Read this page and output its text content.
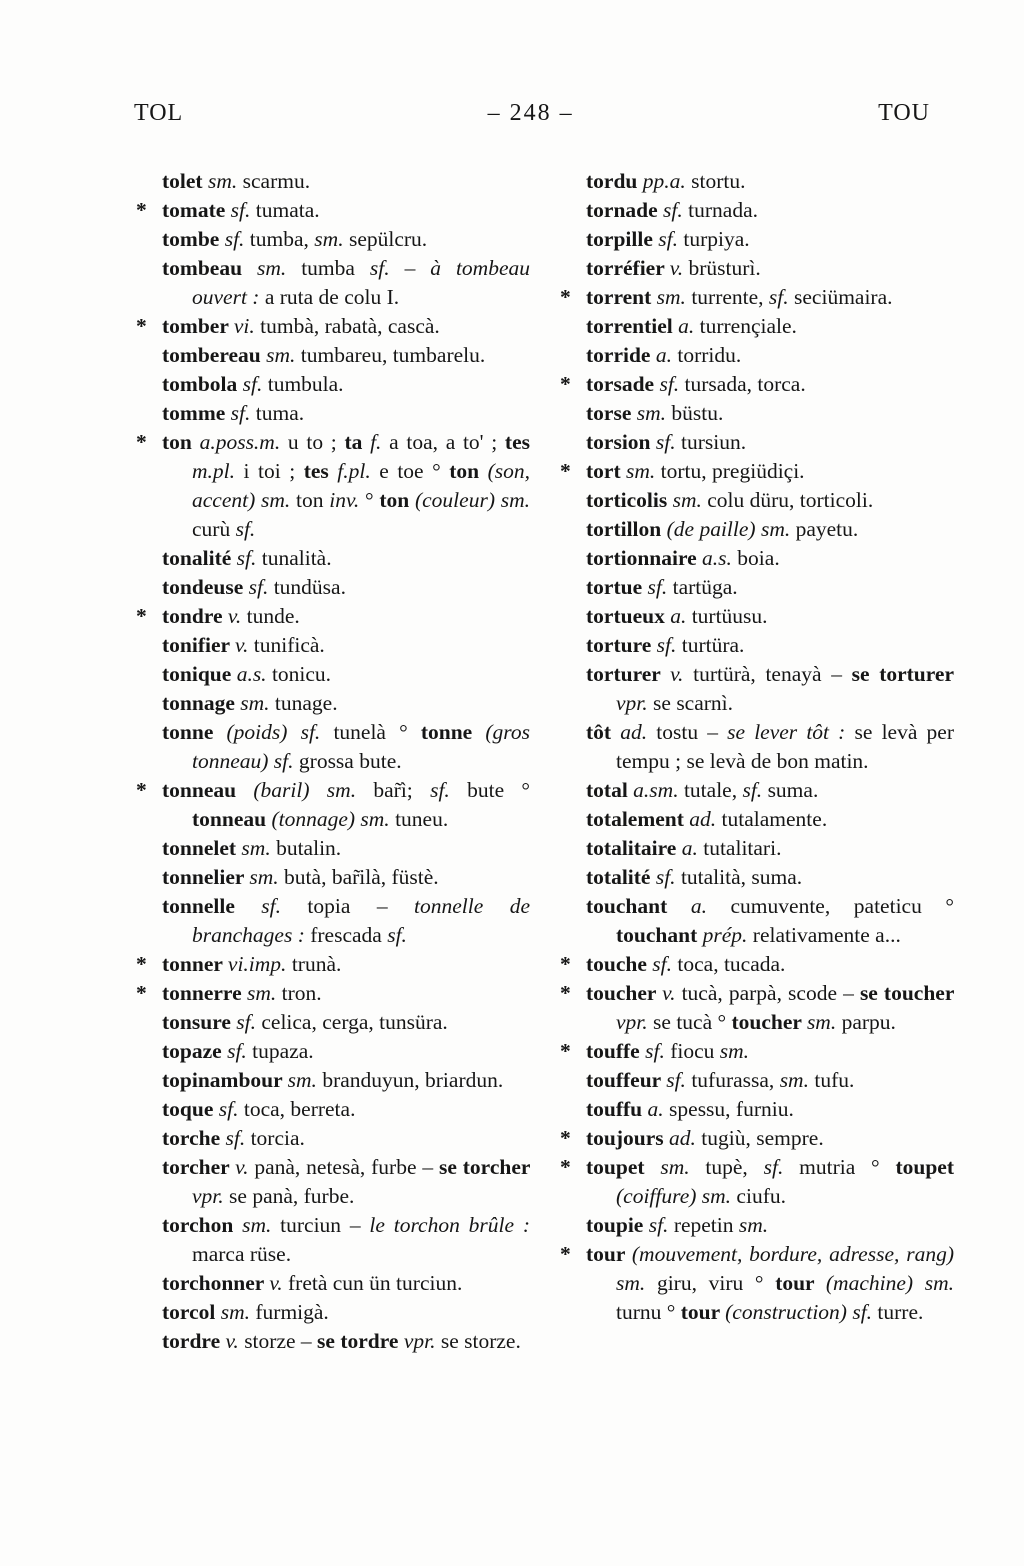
TOL	– 248 –	TOU

tolet sm. scarmu.

* tomate sf. tumata.

tombe sf. tumba, sm. sepülcru.

tombeau sm. tumba sf. – à tombeau ouvert : a ruta de colu I.

* tomber vi. tumbà, rabatà, cascà.

tombereau sm. tumbareu, tumbarelu.

tombola sf. tumbula.

tomme sf. tuma.

* ton a.poss.m. u to ; ta f. a toa, a to' ; tes m.pl. i toi ; tes f.pl. e toe ° ton (son, accent) sm. ton inv. ° ton (couleur) sm. curù sf.

tonalité sf. tunalità.

tondeuse sf. tundüsa.

* tondre v. tunde.

tonifier v. tunificà.

tonique a.s. tonicu.

tonnage sm. tunage.

tonne (poids) sf. tunelà ° tonne (gros tonneau) sf. grossa bute.

* tonneau (baril) sm. bar̃ì; sf. bute ° tonneau (tonnage) sm. tuneu.

tonnelet sm. butalin.

tonnelier sm. butà, bar̃ilà, füstè.

tonnelle sf. topia – tonnelle de branchages : frescada sf.

* tonner vi.imp. trunà.

* tonnerre sm. tron.

tonsure sf. celica, cerga, tunsüra.

topaze sf. tupaza.

topinambour sm. branduyun, briardun.

toque sf. toca, berreta.

torche sf. torcia.

torcher v. panà, netesà, furbe – se torcher vpr. se panà, furbe.

torchon sm. turciun – le torchon brûle : marca rüse.

torchonner v. fretà cun ün turciun.

torcol sm. furmigà.

tordre v. storze – se tordre vpr. se storze.

tordu pp.a. stortu.

tornade sf. turnada.

torpille sf. turpiya.

torréfier v. brüsturì.

* torrent sm. turrente, sf. seciümaira.

torrentiel a. turrençiale.

torride a. torridu.

* torsade sf. tursada, torca.

torse sm. büstu.

torsion sf. tursiun.

* tort sm. tortu, pregiüdiçi.

torticolis sm. colu düru, torticoli.

tortillon (de paille) sm. payetu.

tortionnaire a.s. boia.

tortue sf. tartüga.

tortueux a. turtüusu.

torture sf. turtüra.

torturer v. turtürà, tenayà – se torturer vpr. se scarnì.

tôt ad. tostu – se lever tôt : se levà per tempu ; se levà de bon matin.

total a.sm. tutale, sf. suma.

totalement ad. tutalamente.

totalitaire a. tutalitari.

totalité sf. tutalità, suma.

touchant a. cumuvente, pateticu ° touchant prép. relativamente a...

* touche sf. toca, tucada.

* toucher v. tucà, parpà, scode – se toucher vpr. se tucà ° toucher sm. parpu.

* touffe sf. fiocu sm.

touffeur sf. tufurassa, sm. tufu.

touffu a. spessu, furniu.

* toujours ad. tugiù, sempre.

* toupet sm. tupè, sf. mutria ° toupet (coiffure) sm. ciufu.

toupie sf. repetin sm.

* tour (mouvement, bordure, adresse, rang) sm. giru, viru ° tour (machine) sm. turnu ° tour (construction) sf. turre.
